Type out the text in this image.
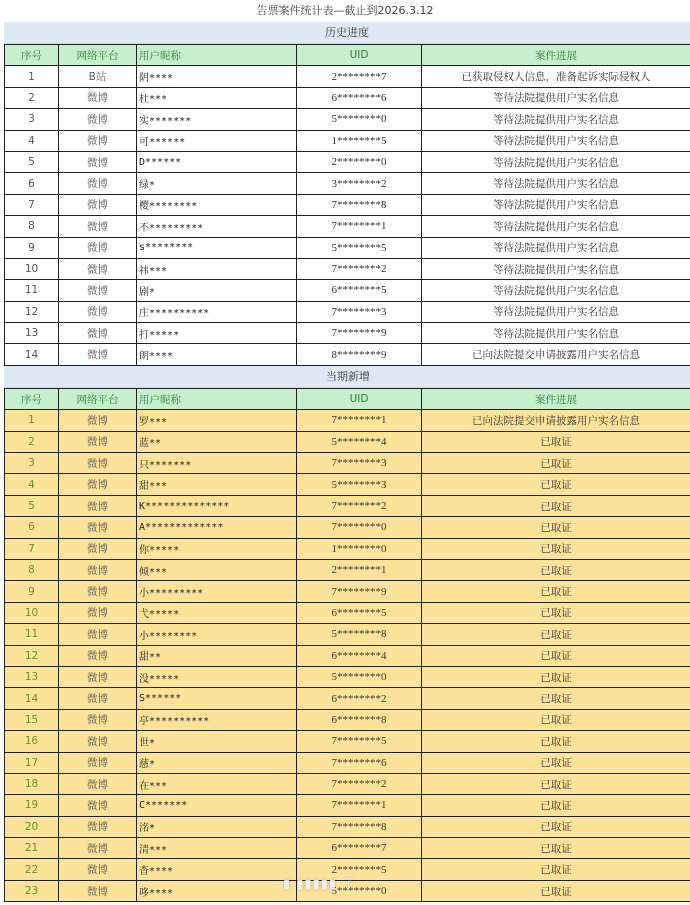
告票案件统计表—截止到2026.3.12
历史进度
序号	网络平台	用户昵称	UID	案件进展
1	B站	阴****	2********7	已获取侵权人信息，准备起诉实际侵权人
2	微博	杜***	6********6	等待法院提供用户实名信息
3	微博	实*******	5********0	等待法院提供用户实名信息
4	微博	可******	1********5	等待法院提供用户实名信息
5	微博	D******	2********0	等待法院提供用户实名信息
6	微博	绿*	3********2	等待法院提供用户实名信息
7	微博	樱********	7********8	等待法院提供用户实名信息
8	微博	不*********	7********1	等待法院提供用户实名信息
9	微博	s********	5********5	等待法院提供用户实名信息
10	微博	祎***	7********2	等待法院提供用户实名信息
11	微博	剧*	6********5	等待法院提供用户实名信息
12	微博	庄**********	7********3	等待法院提供用户实名信息
13	微博	打*****	7********9	等待法院提供用户实名信息
14	微博	朗****	8********9	已向法院提交申请披露用户实名信息
当期新增
序号	网络平台	用户昵称	UID	案件进展
1	微博	罗***	7********1	已向法院提交申请披露用户实名信息
2	微博	蓝**	5********4	已取证
3	微博	只*******	7********3	已取证
4	微博	甜***	5********3	已取证
5	微博	K**************	7********2	已取证
6	微博	A*************	7********0	已取证
7	微博	你*****	1********0	已取证
8	微博	倾***	2********1	已取证
9	微博	小*********	7********9	已取证
10	微博	弋*****	6********5	已取证
11	微博	小********	5********8	已取证
12	微博	甜**	6********4	已取证
13	微博	没*****	5********0	已取证
14	微博	S******	6********2	已取证
15	微博	亭**********	6********8	已取证
16	微博	世*	7********5	已取证
17	微博	慈*	7********6	已取证
18	微博	在***	7********2	已取证
19	微博	C*******	7********1	已取证
20	微博	洺*	7********8	已取证
21	微博	清***	6********7	已取证
22	微博	杳****	2********5	已取证
23	微博	哆****	5********0	已取证
▮ ▮▮▮▮▮ 了
